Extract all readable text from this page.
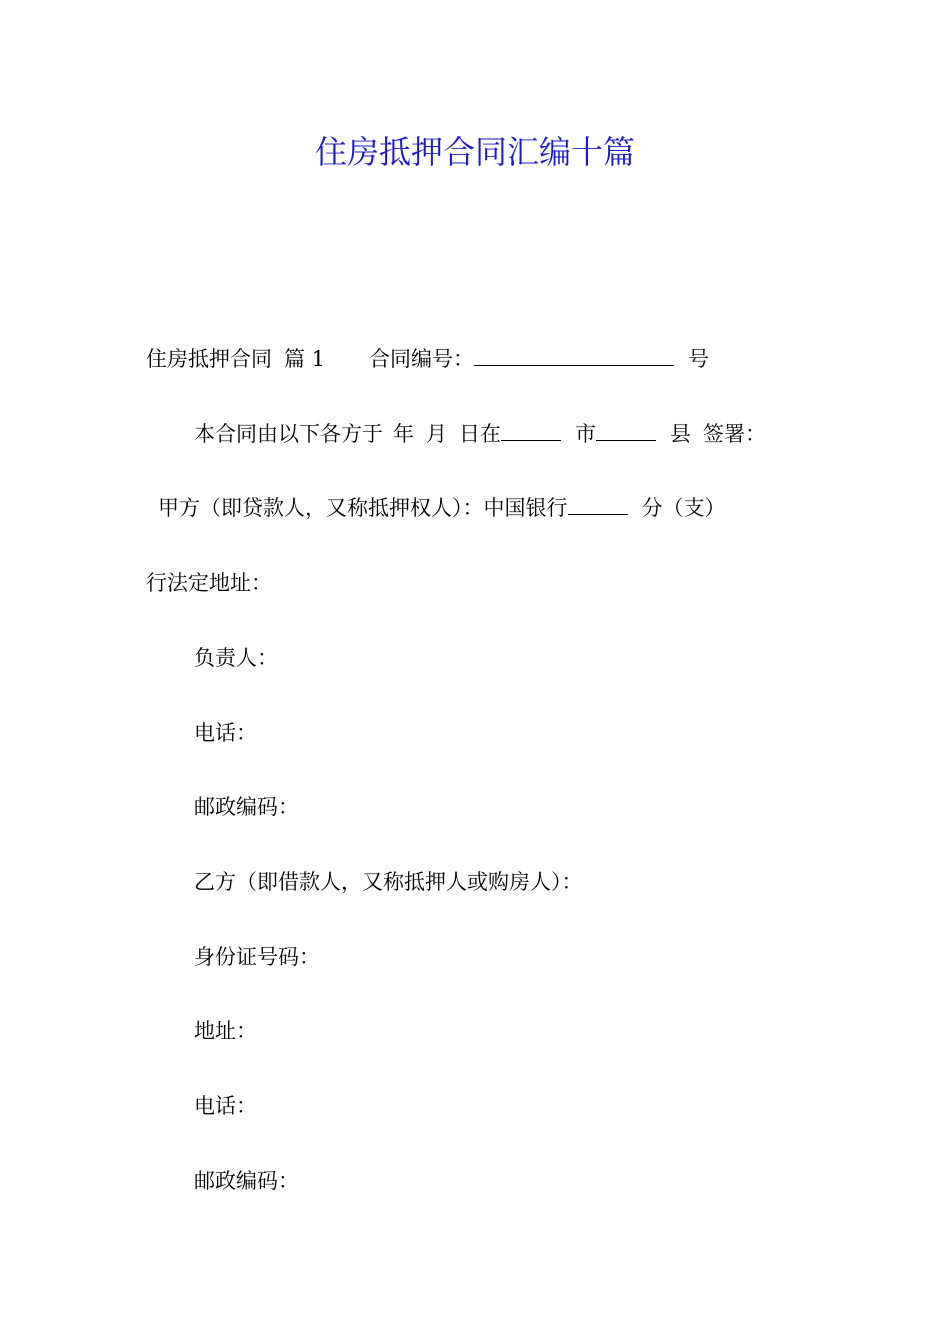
住房抵押合同汇编十篇
住房抵押合同 篇 1 合同编号：	号
本合同由以下各方于 年 月 日在	市	县 签署：
甲方（即贷款人，又称抵押权人）：中国银行	分（支）
行法定地址：
负责人：
电话：
邮政编码：
乙方（即借款人，又称抵押人或购房人）：
身份证号码：
地址：
电话：
邮政编码：
